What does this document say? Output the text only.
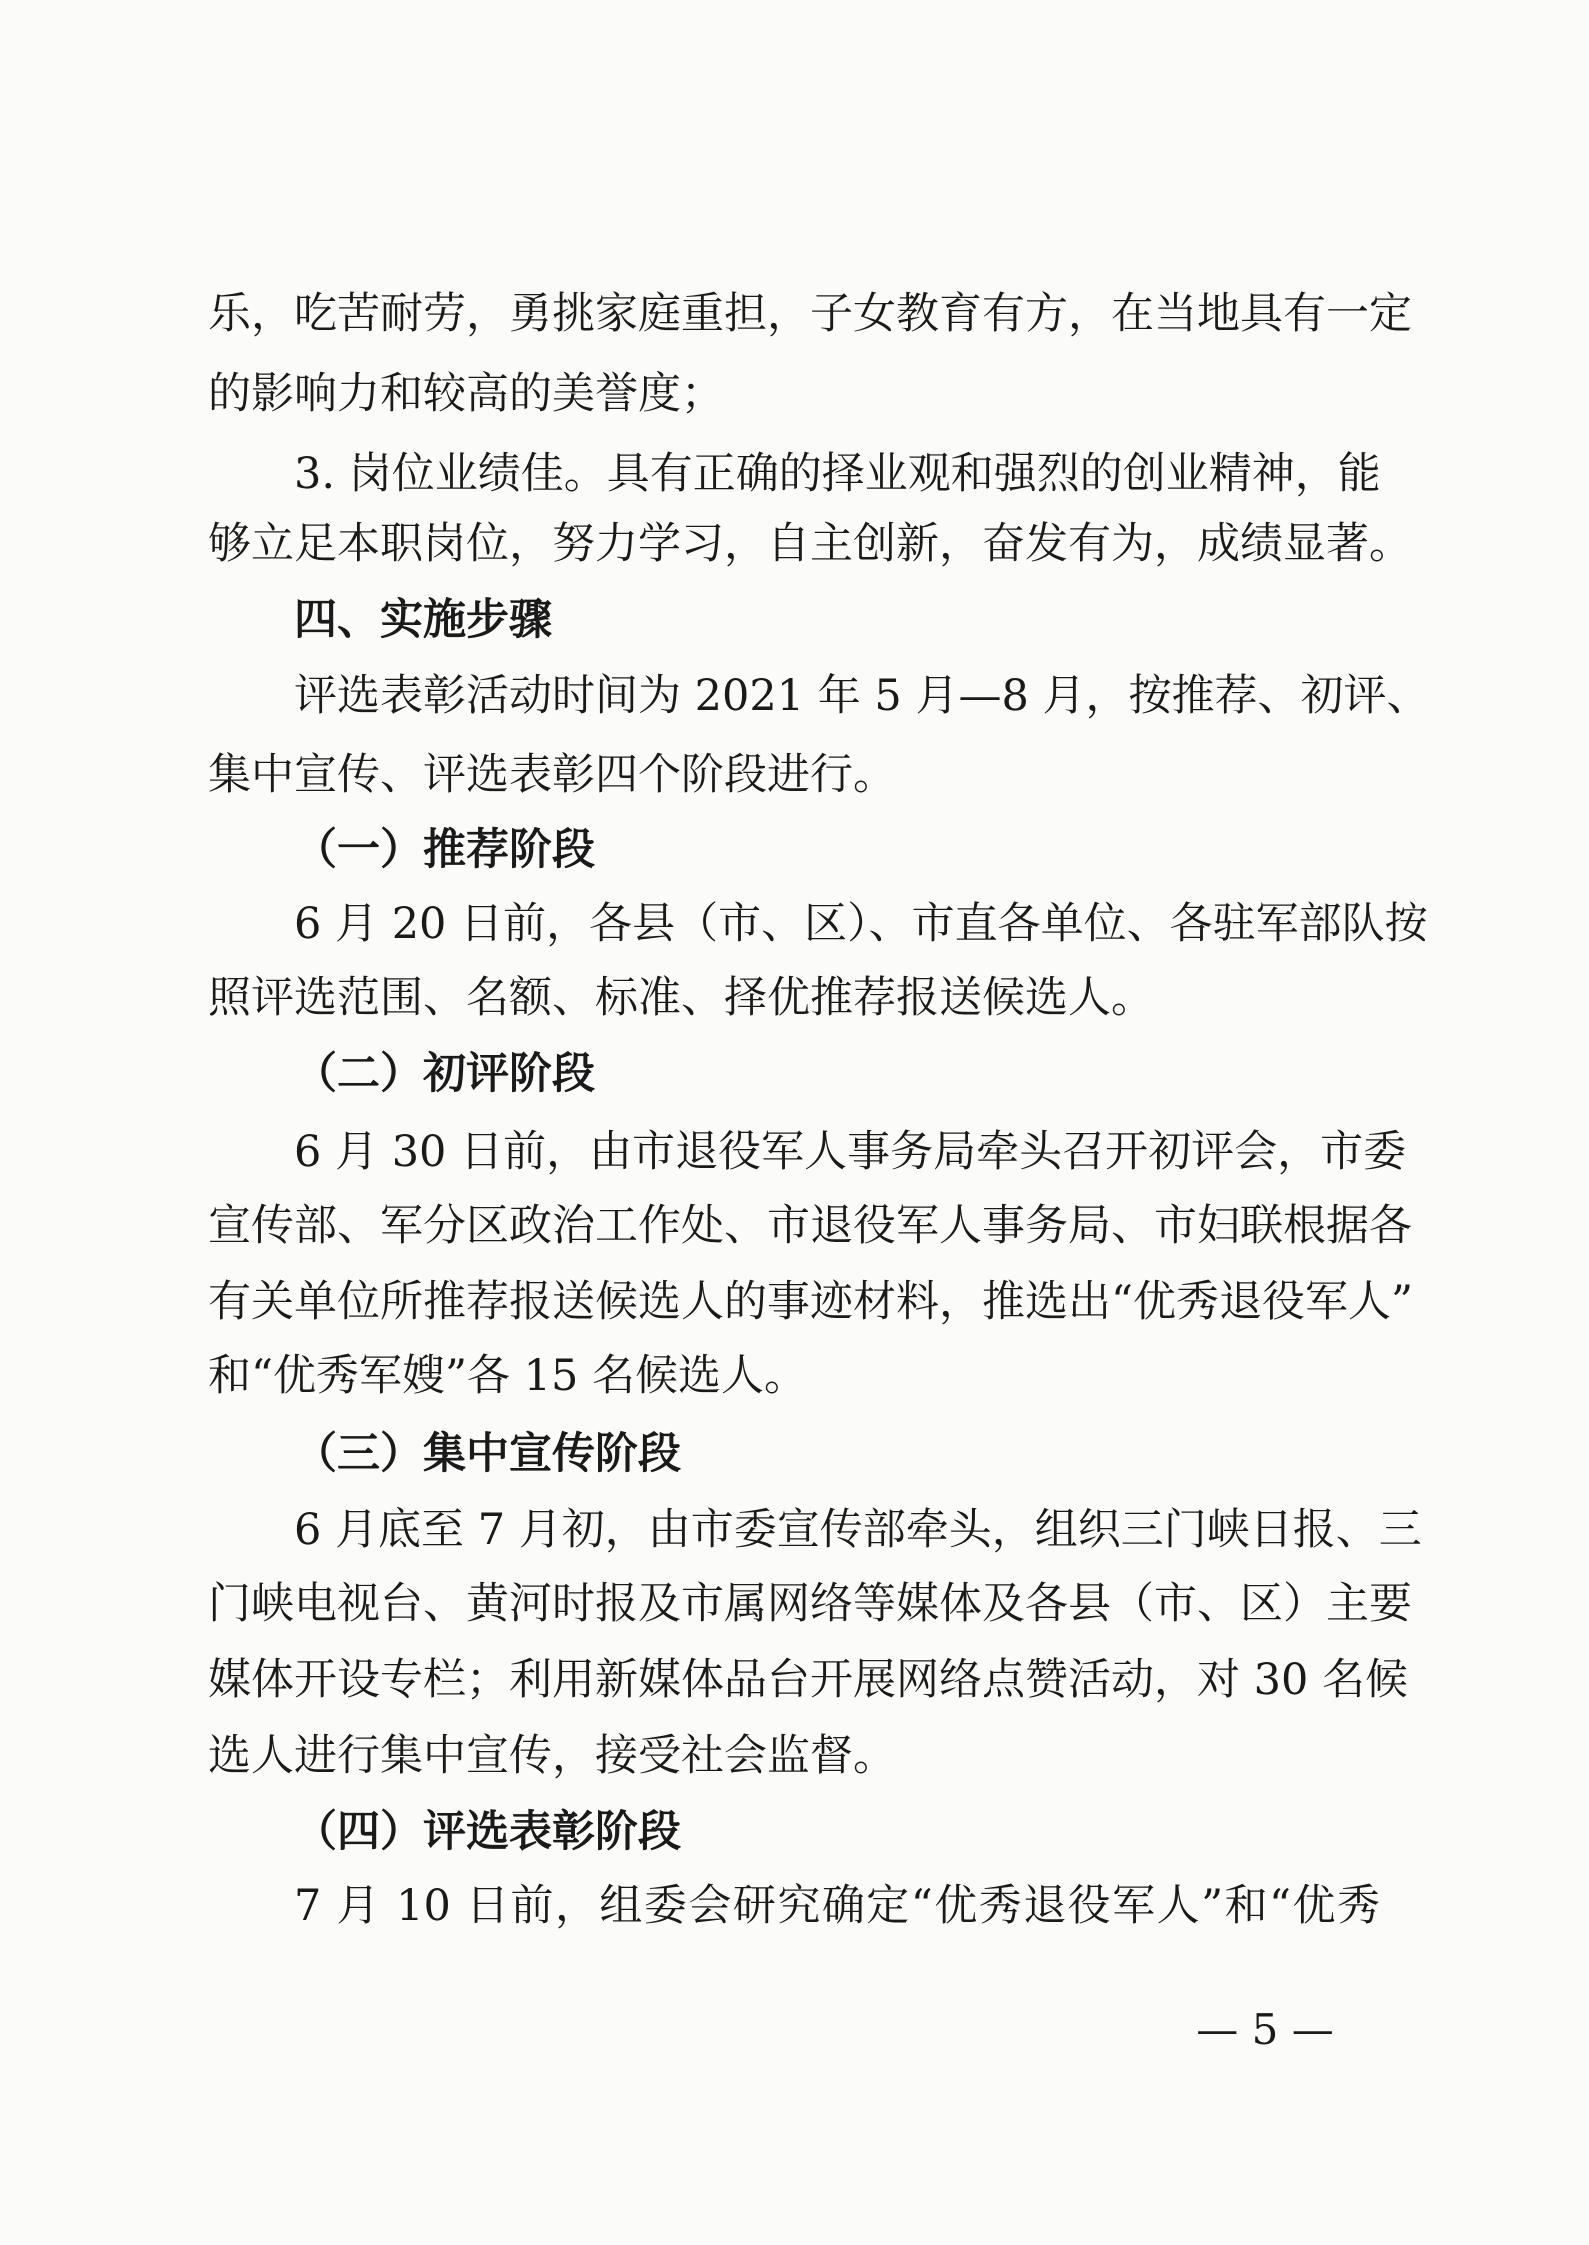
乐，吃苦耐劳，勇挑家庭重担，子女教育有方，在当地具有一定
的影响力和较高的美誉度；
3. 岗位业绩佳。具有正确的择业观和强烈的创业精神，能
够立足本职岗位，努力学习，自主创新，奋发有为，成绩显著。
四、实施步骤
评选表彰活动时间为 2021 年 5 月—8 月，按推荐、初评、
集中宣传、评选表彰四个阶段进行。
（一）推荐阶段
6 月 20 日前，各县（市、区）、市直各单位、各驻军部队按
照评选范围、名额、标准、择优推荐报送候选人。
（二）初评阶段
6 月 30 日前，由市退役军人事务局牵头召开初评会，市委
宣传部、军分区政治工作处、市退役军人事务局、市妇联根据各
有关单位所推荐报送候选人的事迹材料，推选出“优秀退役军人”
和“优秀军嫂”各 15 名候选人。
（三）集中宣传阶段
6 月底至 7 月初，由市委宣传部牵头，组织三门峡日报、三
门峡电视台、黄河时报及市属网络等媒体及各县（市、区）主要
媒体开设专栏；利用新媒体品台开展网络点赞活动，对 30 名候
选人进行集中宣传，接受社会监督。
（四）评选表彰阶段
7 月 10 日前，组委会研究确定“优秀退役军人”和“优秀
— 5 —
